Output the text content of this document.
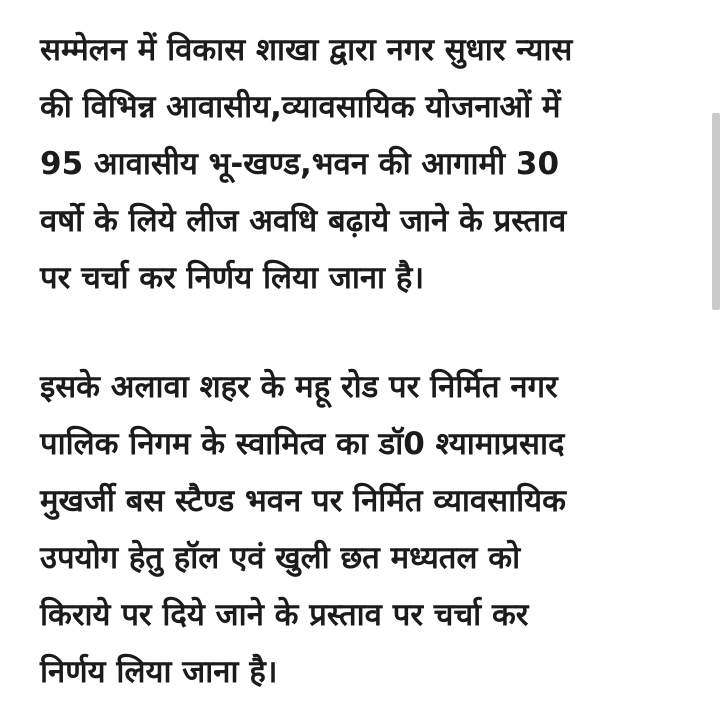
सम्मेलन में विकास शाखा द्वारा नगर सुधार न्यास
की विभिन्न आवासीय,व्यावसायिक योजनाओं में
95 आवासीय भू-खण्ड,भवन की आगामी 30
वर्षो के लिये लीज अवधि बढ़ाये जाने के प्रस्ताव
पर चर्चा कर निर्णय लिया जाना है।

इसके अलावा शहर के महू रोड पर निर्मित नगर
पालिक निगम के स्वामित्व का डॉ0 श्यामाप्रसाद
मुखर्जी बस स्टैण्ड भवन पर निर्मित व्यावसायिक
उपयोग हेतु हॉल एवं खुली छत मध्यतल को
किराये पर दिये जाने के प्रस्ताव पर चर्चा कर
निर्णय लिया जाना है।
